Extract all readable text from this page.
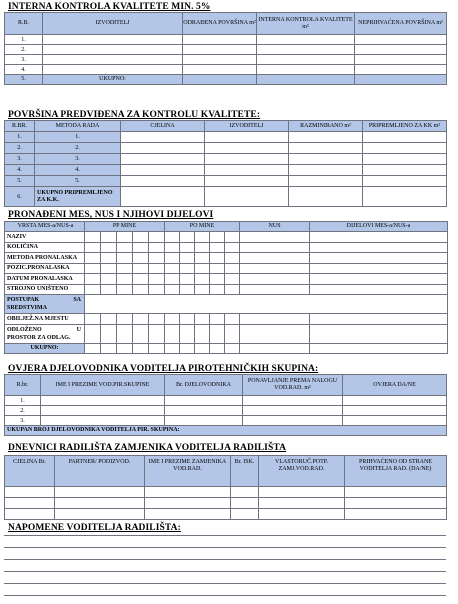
INTERNA KONTROLA KVALITETE MIN. 5%
R.B.	IZVODITELJ	ODRAĐENA POVRŠINA m²	INTERNA KONTROLA KVALITETE m²	NEPRIHVAĆENA POVRŠINA m²
1.				
2.				
3.				
4.				
5.	UKUPNO:			
POVRŠINA PREDVIĐENA ZA KONTROLU KVALITETE:
R.BR.	METODA RADA	CJELINA	IZVODITELJ	RAZMINIRANO m²	PRIPREMLJENO ZA KK m²
1.	1.				
2.	2.				
3.	3.				
4.	4.				
5.	5.				
6.	UKUPNO PRIPREMLJENO ZA K.K.				
PRONAĐENI MES, NUS I NJIHOVI DIJELOVI
VRSTA MES-a/NUS-a	PP MINE					PO MINE					NUS	DIJELOVI MES-a/NUS-a
NAZIV												
KOLIČINA												
METODA PRONALASKA												
POZIC.PRONALASKA												
DATUM PRONALASKA												
STROJNO UNIŠTENO												

POSTUPAK SA
SREDSTVIMA												

OBILJEŽ.NA MJESTU												

ODLOŽENO U
PROSTOR ZA ODLAG.												

UKUPNO:												
OVJERA DJELOVODNIKA VODITELJA PIROTEHNIČKIH SKUPINA:
R.br.	IME I PREZIME VOD.PIR.SKUPINE	Br. DJELOVODNIKA	PONAVLJANJE PREMA NALOGU VOD.RAD. m²	OVJERA DA/NE
1.				
2.				
3.				
UKUPAN BROJ DJELOVODNIKA VODITELJA PIR. SKUPINA:				
DNEVNICI RADILIŠTA ZAMJENIKA VODITELJA RADILIŠTA
CJELINA Br.	PARTNER/ PODIZVOD.	IME I PREZIME ZAMJENIKA VOD.RAD.	Br. ISK.	VLASTORUČ.POTP. ZAMJ.VOD.RAD.	PRIHVAĆENO OD STRANE VODITELJA RAD. (DA/NE)

NAPOMENE VODITELJA RADILIŠTA:
